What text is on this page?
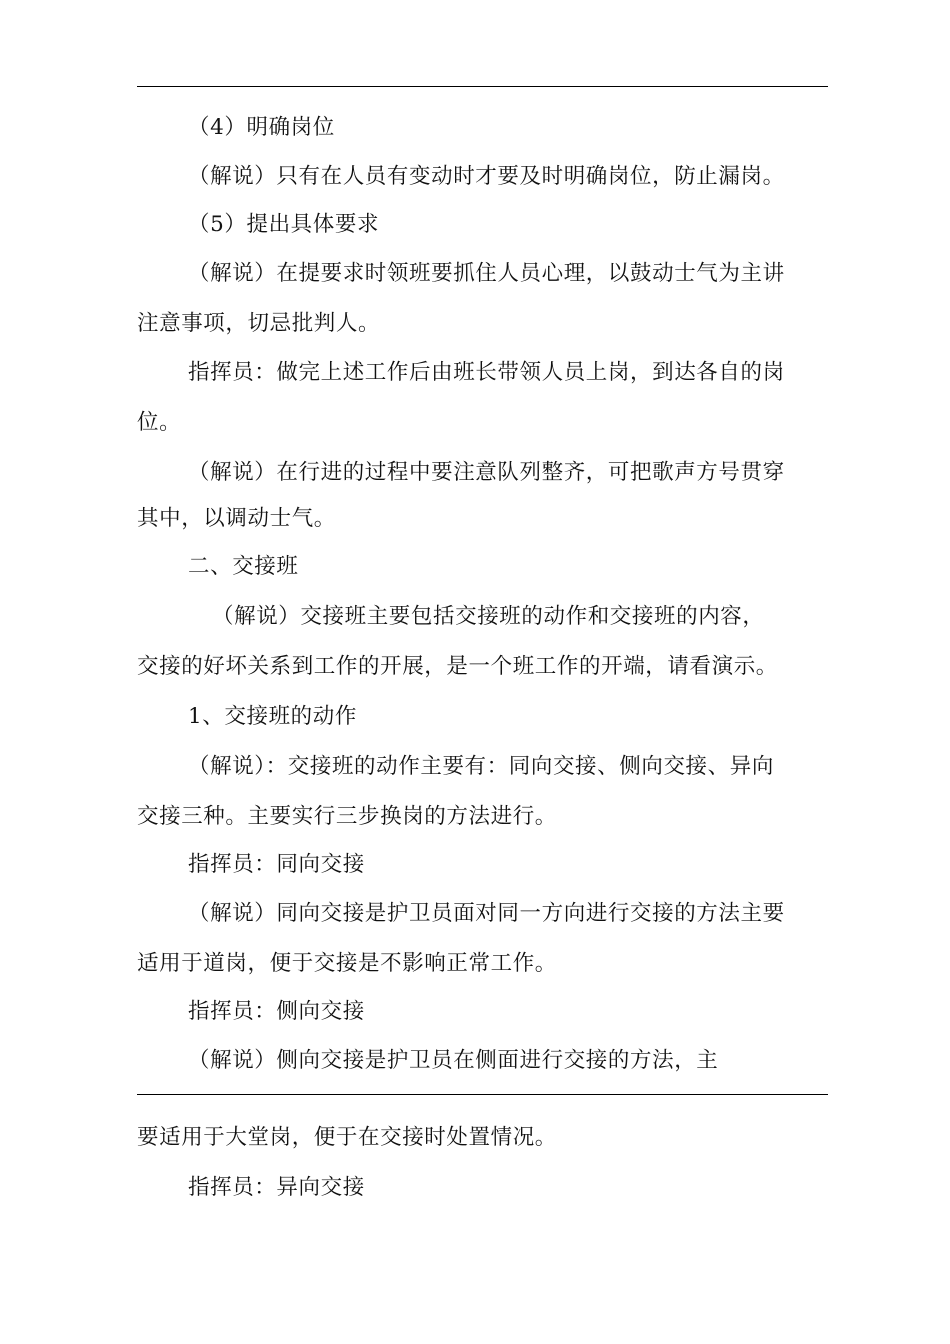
（4）明确岗位
（解说）只有在人员有变动时才要及时明确岗位，防止漏岗。
（5）提出具体要求
（解说）在提要求时领班要抓住人员心理，以鼓动士气为主讲
注意事项，切忌批判人。
指挥员：做完上述工作后由班长带领人员上岗，到达各自的岗
位。
（解说）在行进的过程中要注意队列整齐，可把歌声方号贯穿
其中，以调动士气。
二、交接班
（解说）交接班主要包括交接班的动作和交接班的内容，
交接的好坏关系到工作的开展，是一个班工作的开端，请看演示。
1、交接班的动作
（解说）：交接班的动作主要有：同向交接、侧向交接、异向
交接三种。主要实行三步换岗的方法进行。
指挥员：同向交接
（解说）同向交接是护卫员面对同一方向进行交接的方法主要
适用于道岗，便于交接是不影响正常工作。
指挥员：侧向交接
（解说）侧向交接是护卫员在侧面进行交接的方法，主
要适用于大堂岗，便于在交接时处置情况。
指挥员：异向交接
